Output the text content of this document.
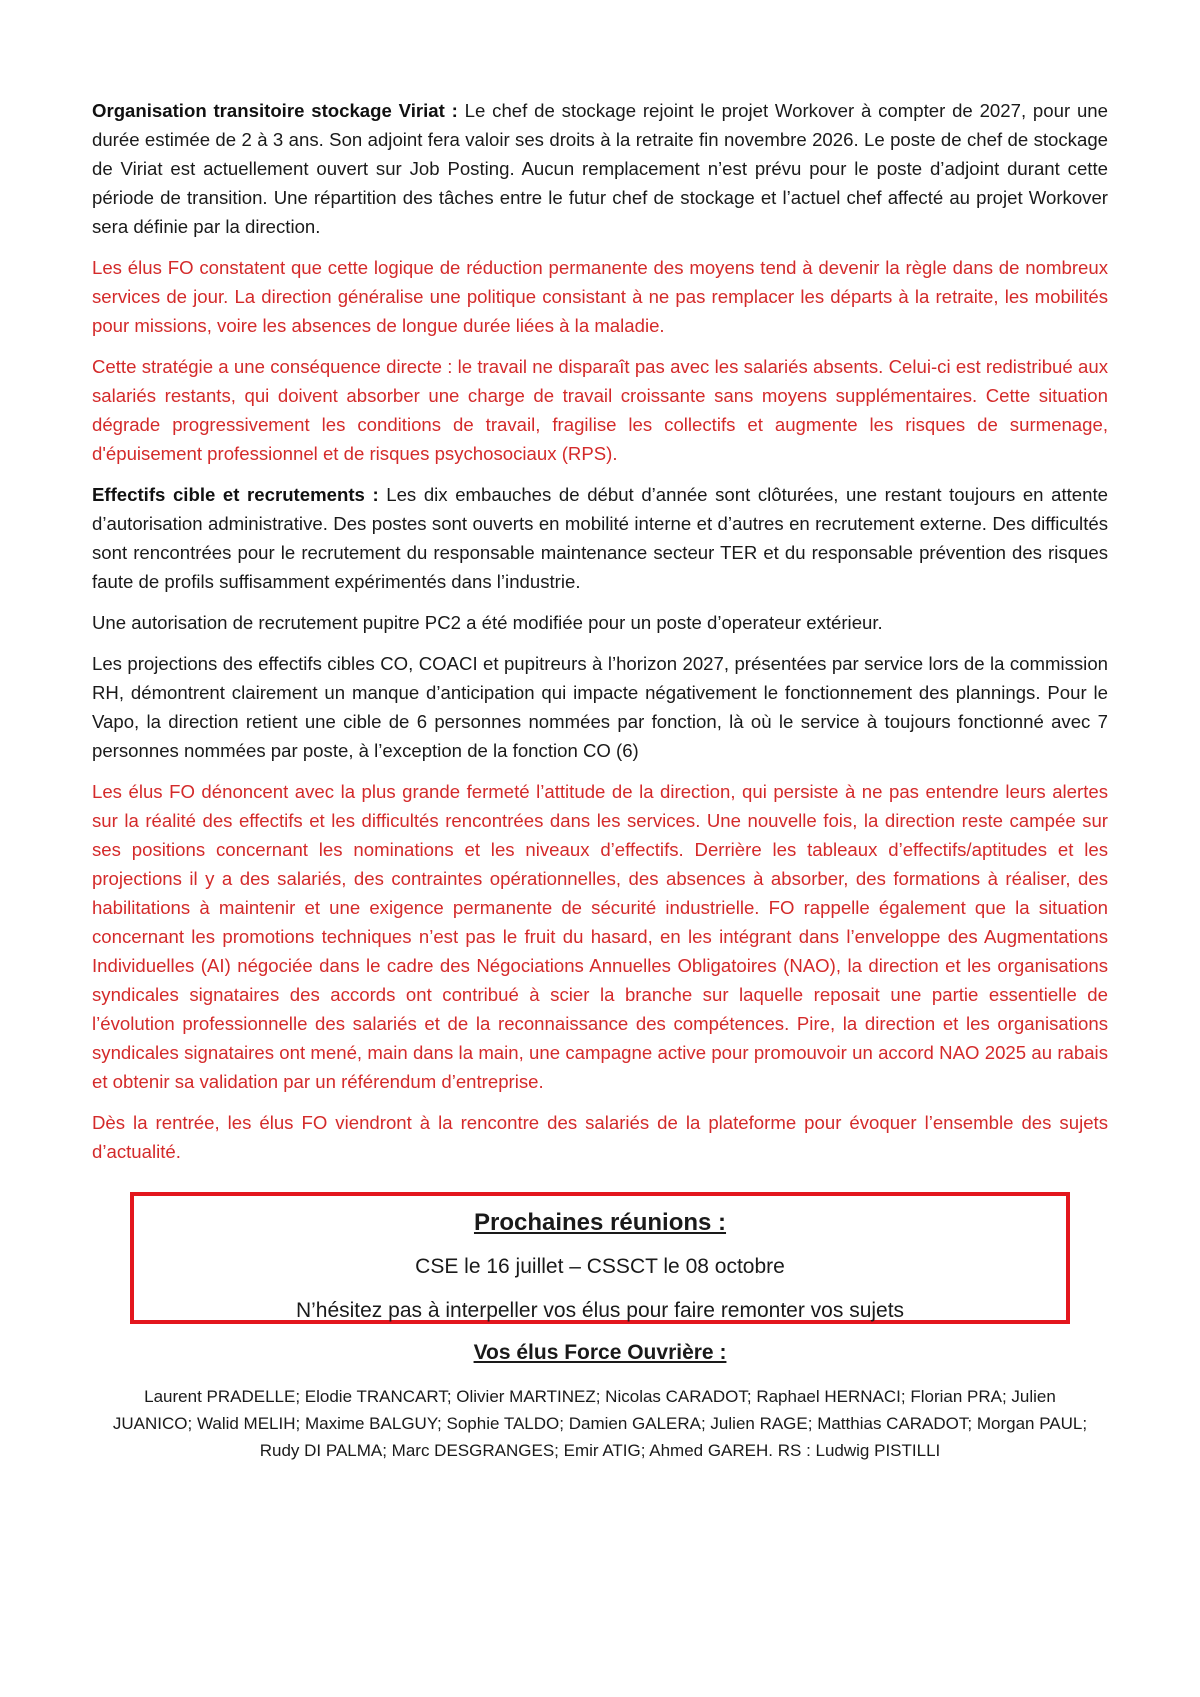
Organisation transitoire stockage Viriat : Le chef de stockage rejoint le projet Workover à compter de 2027, pour une durée estimée de 2 à 3 ans. Son adjoint fera valoir ses droits à la retraite fin novembre 2026. Le poste de chef de stockage de Viriat est actuellement ouvert sur Job Posting. Aucun remplacement n’est prévu pour le poste d’adjoint durant cette période de transition. Une répartition des tâches entre le futur chef de stockage et l’actuel chef affecté au projet Workover sera définie par la direction.

Les élus FO constatent que cette logique de réduction permanente des moyens tend à devenir la règle dans de nombreux services de jour. La direction généralise une politique consistant à ne pas remplacer les départs à la retraite, les mobilités pour missions, voire les absences de longue durée liées à la maladie.

Cette stratégie a une conséquence directe : le travail ne disparaît pas avec les salariés absents. Celui-ci est redistribué aux salariés restants, qui doivent absorber une charge de travail croissante sans moyens supplémentaires. Cette situation dégrade progressivement les conditions de travail, fragilise les collectifs et augmente les risques de surmenage, d'épuisement professionnel et de risques psychosociaux (RPS).

Effectifs cible et recrutements : Les dix embauches de début d’année sont clôturées, une restant toujours en attente d’autorisation administrative. Des postes sont ouverts en mobilité interne et d’autres en recrutement externe. Des difficultés sont rencontrées pour le recrutement du responsable maintenance secteur TER et du responsable prévention des risques faute de profils suffisamment expérimentés dans l’industrie.

Une autorisation de recrutement pupitre PC2 a été modifiée pour un poste d’operateur extérieur.

Les projections des effectifs cibles CO, COACI et pupitreurs à l’horizon 2027, présentées par service lors de la commission RH, démontrent clairement un manque d’anticipation qui impacte négativement le fonctionnement des plannings. Pour le Vapo, la direction retient une cible de 6 personnes nommées par fonction, là où le service à toujours fonctionné avec 7 personnes nommées par poste, à l’exception de la fonction CO (6)

Les élus FO dénoncent avec la plus grande fermeté l’attitude de la direction, qui persiste à ne pas entendre leurs alertes sur la réalité des effectifs et les difficultés rencontrées dans les services. Une nouvelle fois, la direction reste campée sur ses positions concernant les nominations et les niveaux d’effectifs. Derrière les tableaux d’effectifs/aptitudes et les projections il y a des salariés, des contraintes opérationnelles, des absences à absorber, des formations à réaliser, des habilitations à maintenir et une exigence permanente de sécurité industrielle. FO rappelle également que la situation concernant les promotions techniques n’est pas le fruit du hasard, en les intégrant dans l’enveloppe des Augmentations Individuelles (AI) négociée dans le cadre des Négociations Annuelles Obligatoires (NAO), la direction et les organisations syndicales signataires des accords ont contribué à scier la branche sur laquelle reposait une partie essentielle de l’évolution professionnelle des salariés et de la reconnaissance des compétences. Pire, la direction et les organisations syndicales signataires ont mené, main dans la main, une campagne active pour promouvoir un accord NAO 2025 au rabais et obtenir sa validation par un référendum d’entreprise.

Dès la rentrée, les élus FO viendront à la rencontre des salariés de la plateforme pour évoquer l’ensemble des sujets d’actualité.

Prochaines réunions :
CSE le 16 juillet – CSSCT le 08 octobre
N’hésitez pas à interpeller vos élus pour faire remonter vos sujets
Vos élus Force Ouvrière :
Laurent PRADELLE; Elodie TRANCART; Olivier MARTINEZ; Nicolas CARADOT; Raphael HERNACI; Florian PRA; Julien JUANICO; Walid MELIH; Maxime BALGUY; Sophie TALDO; Damien GALERA; Julien RAGE; Matthias CARADOT; Morgan PAUL; Rudy DI PALMA; Marc DESGRANGES; Emir ATIG; Ahmed GAREH. RS : Ludwig PISTILLI
